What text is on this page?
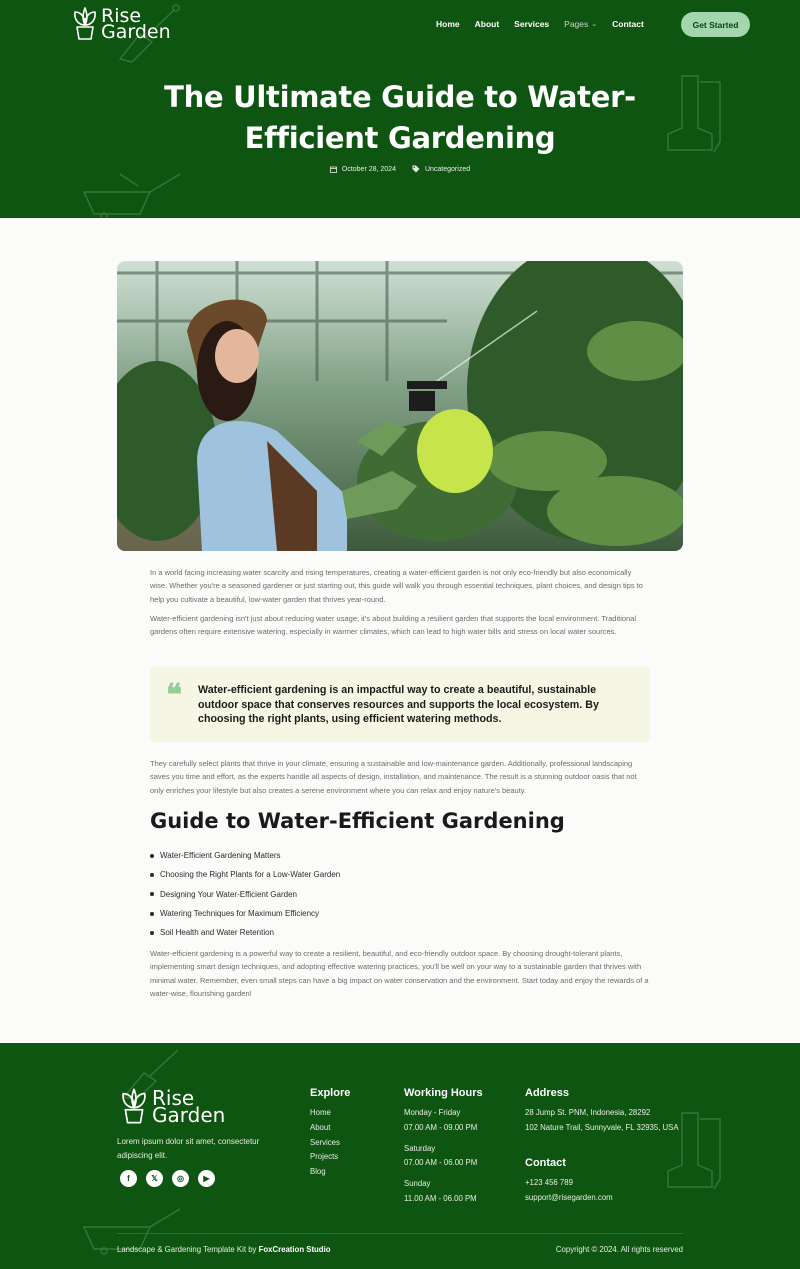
Rise
Garden	Home About Services Pages ⌄ Contact	Get Started
The Ultimate Guide to Water-Efficient Gardening
October 28, 2024	Uncategorized

In a world facing increasing water scarcity and rising temperatures, creating a water-efficient garden is not only eco-friendly but also economically wise. Whether you're a seasoned gardener or just starting out, this guide will walk you through essential techniques, plant choices, and design tips to help you cultivate a beautiful, low-water garden that thrives year-round.

Water-efficient gardening isn't just about reducing water usage; it's about building a resilient garden that supports the local environment. Traditional gardens often require extensive watering, especially in warmer climates, which can lead to high water bills and stress on local water sources.

❝ Water-efficient gardening is an impactful way to create a beautiful, sustainable outdoor space that conserves resources and supports the local ecosystem. By choosing the right plants, using efficient watering methods.

They carefully select plants that thrive in your climate, ensuring a sustainable and low-maintenance garden. Additionally, professional landscaping saves you time and effort, as the experts handle all aspects of design, installation, and maintenance. The result is a stunning outdoor oasis that not only enriches your lifestyle but also creates a serene environment where you can relax and enjoy nature's beauty.

Guide to Water-Efficient Gardening
Water-Efficient Gardening Matters
Choosing the Right Plants for a Low-Water Garden
Designing Your Water-Efficient Garden
Watering Techniques for Maximum Efficiency
Soil Health and Water Retention

Water-efficient gardening is a powerful way to create a resilient, beautiful, and eco-friendly outdoor space. By choosing drought-tolerant plants, implementing smart design techniques, and adopting effective watering practices, you'll be well on your way to a sustainable garden that thrives with minimal water. Remember, even small steps can have a big impact on water conservation and the environment. Start today and enjoy the rewards of a water-wise, flourishing garden!

Rise
Garden

Lorem ipsum dolor sit amet, consectetur adipiscing elit.

f	𝕏	◎	▶
Explore
Home
About
Services
Projects
Blog
Working Hours
Monday - Friday
07.00 AM - 09.00 PM
Saturday
07.00 AM - 06.00 PM
Sunday
11.00 AM - 06.00 PM
Address
28 Jump St. PNM, Indonesia, 28292
102 Nature Trail, Sunnyvale, FL 32935, USA
Contact
+123 456 789
support@risegarden.com
Landscape & Gardening Template Kit by FoxCreation Studio	Copyright © 2024. All rights reserved
